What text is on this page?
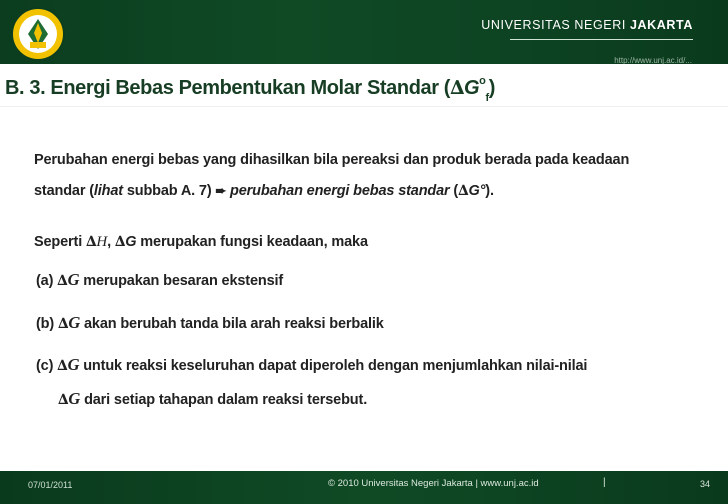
UNIVERSITAS NEGERI JAKARTA
http://www.unj.ac.id/...
B. 3. Energi Bebas Pembentukan Molar Standar $(\Delta G^o_f)$
Perubahan energi bebas yang dihasilkan bila pereaksi dan produk berada pada keadaan
standar (lihat subbab A. 7) ➨ perubahan energi bebas standar (∆G°).
Seperti ∆H, ∆G merupakan fungsi keadaan, maka
(a) ∆G merupakan besaran ekstensif
(b) ∆G akan berubah tanda bila arah reaksi berbalik
(c) ∆G untuk reaksi keseluruhan dapat diperoleh dengan menjumlahkan nilai-nilai
∆G dari setiap tahapan dalam reaksi tersebut.
07/01/2011	© 2010 Universitas Negeri Jakarta | www.unj.ac.id	|	34
